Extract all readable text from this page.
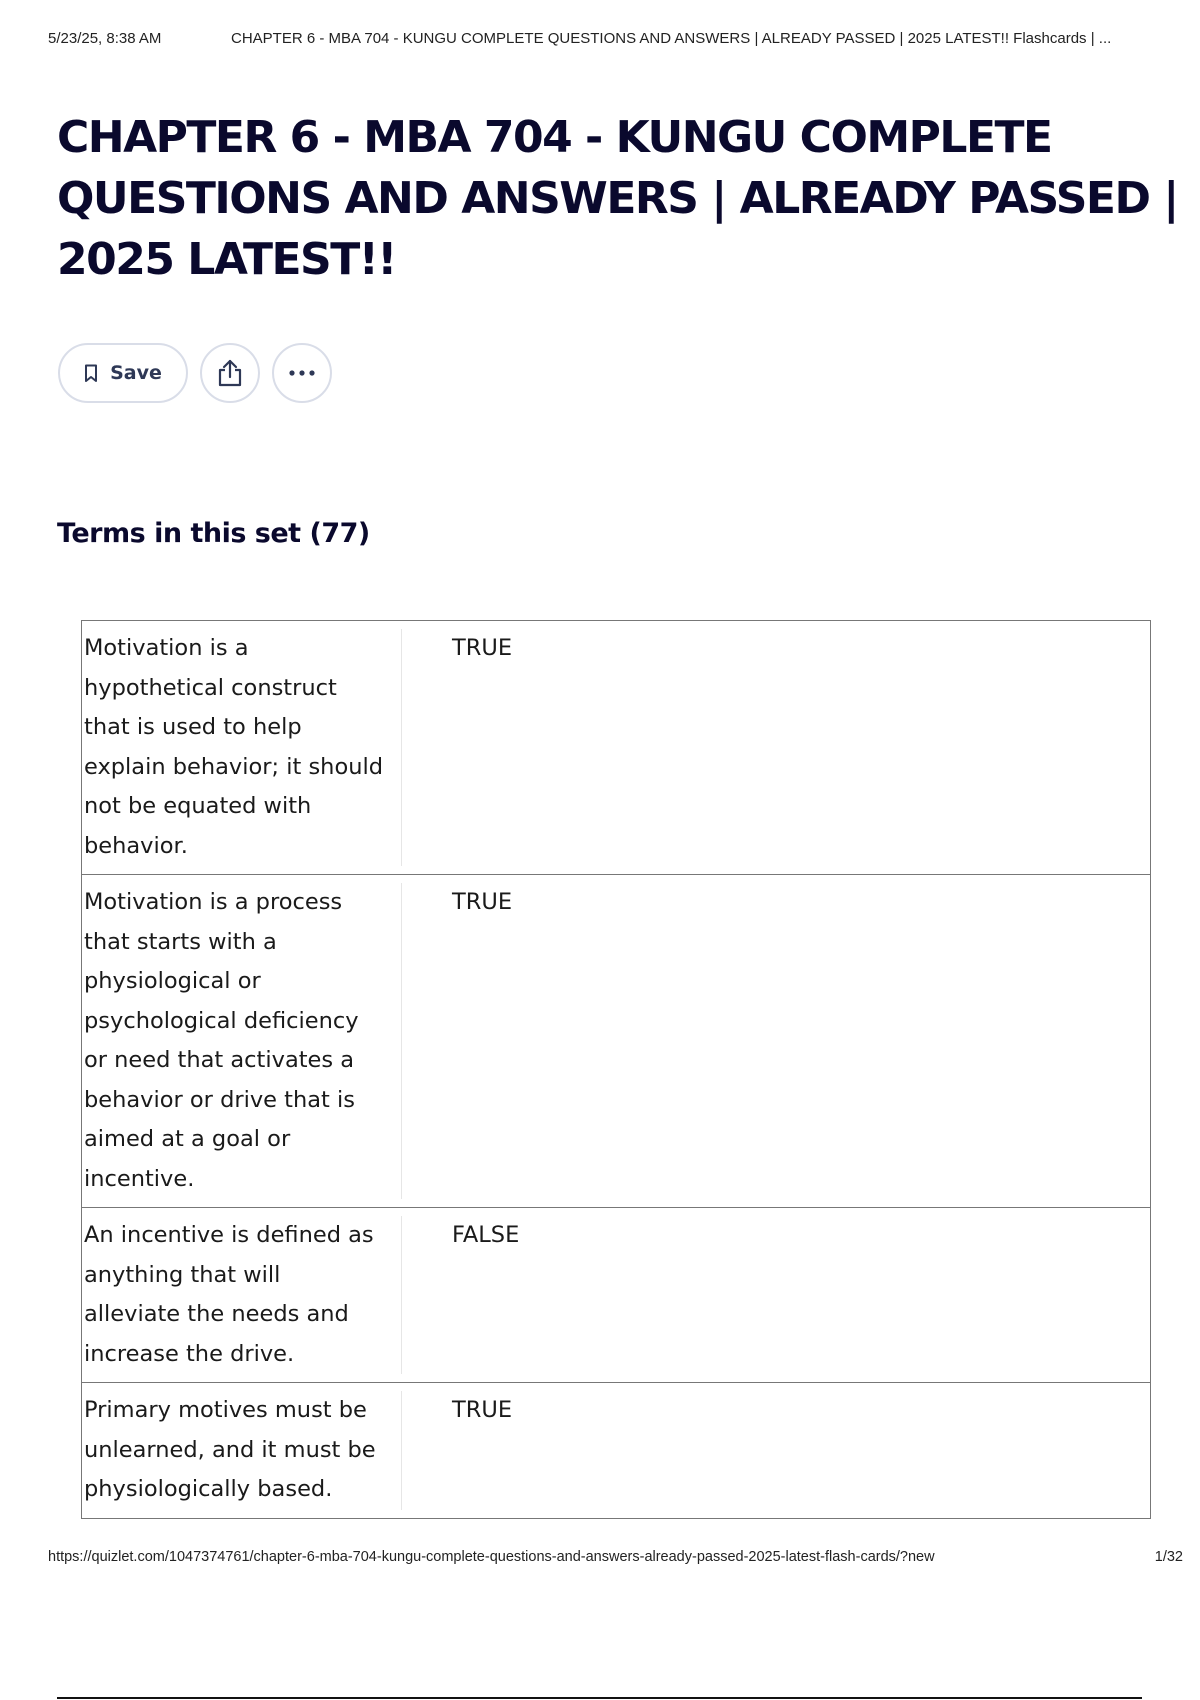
5/23/25, 8:38 AM	CHAPTER 6 - MBA 704 - KUNGU COMPLETE QUESTIONS AND ANSWERS | ALREADY PASSED | 2025 LATEST!! Flashcards | ...
CHAPTER 6 - MBA 704 - KUNGU COMPLETE QUESTIONS AND ANSWERS | ALREADY PASSED | 2025 LATEST!!
Save
Terms in this set (77)
Motivation is a hypothetical construct that is used to help explain behavior; it should not be equated with behavior.
TRUE
Motivation is a process that starts with a physiological or psychological deficiency or need that activates a behavior or drive that is aimed at a goal or incentive.
TRUE
An incentive is defined as anything that will alleviate the needs and increase the drive.
FALSE
Primary motives must be unlearned, and it must be physiologically based.
TRUE
https://quizlet.com/1047374761/chapter-6-mba-704-kungu-complete-questions-and-answers-already-passed-2025-latest-flash-cards/?new	1/32
